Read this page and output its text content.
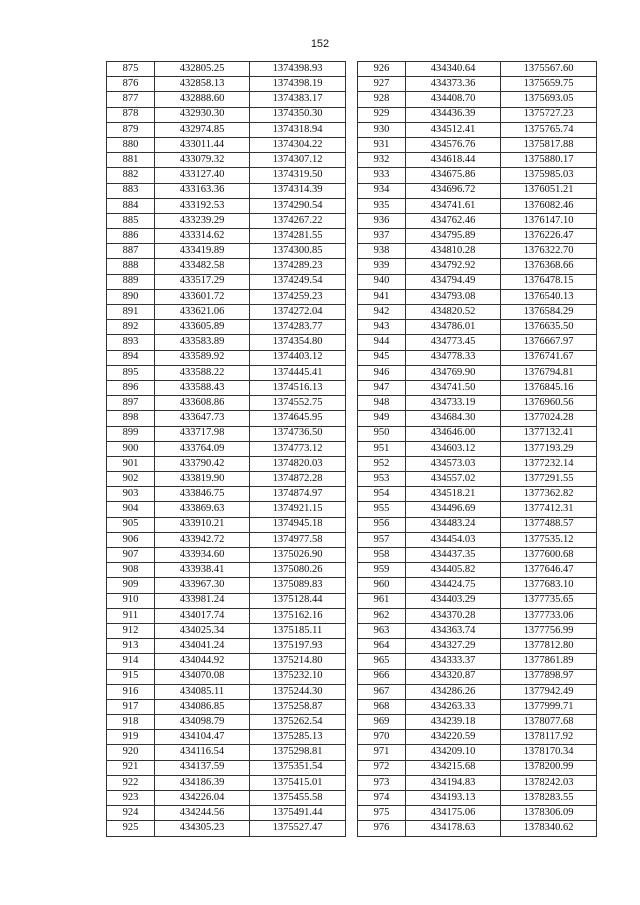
152
875	432805.25	1374398.93
876	432858.13	1374398.19
877	432888.60	1374383.17
878	432930.30	1374350.30
879	432974.85	1374318.94
880	433011.44	1374304.22
881	433079.32	1374307.12
882	433127.40	1374319.50
883	433163.36	1374314.39
884	433192.53	1374290.54
885	433239.29	1374267.22
886	433314.62	1374281.55
887	433419.89	1374300.85
888	433482.58	1374289.23
889	433517.29	1374249.54
890	433601.72	1374259.23
891	433621.06	1374272.04
892	433605.89	1374283.77
893	433583.89	1374354.80
894	433589.92	1374403.12
895	433588.22	1374445.41
896	433588.43	1374516.13
897	433608.86	1374552.75
898	433647.73	1374645.95
899	433717.98	1374736.50
900	433764.09	1374773.12
901	433790.42	1374820.03
902	433819.90	1374872.28
903	433846.75	1374874.97
904	433869.63	1374921.15
905	433910.21	1374945.18
906	433942.72	1374977.58
907	433934.60	1375026.90
908	433938.41	1375080.26
909	433967.30	1375089.83
910	433981.24	1375128.44
911	434017.74	1375162.16
912	434025.34	1375185.11
913	434041.24	1375197.93
914	434044.92	1375214.80
915	434070.08	1375232.10
916	434085.11	1375244.30
917	434086.85	1375258.87
918	434098.79	1375262.54
919	434104.47	1375285.13
920	434116.54	1375298.81
921	434137.59	1375351.54
922	434186.39	1375415.01
923	434226.04	1375455.58
924	434244.56	1375491.44
925	434305.23	1375527.47
926	434340.64	1375567.60
927	434373.36	1375659.75
928	434408.70	1375693.05
929	434436.39	1375727.23
930	434512.41	1375765.74
931	434576.76	1375817.88
932	434618.44	1375880.17
933	434675.86	1375985.03
934	434696.72	1376051.21
935	434741.61	1376082.46
936	434762.46	1376147.10
937	434795.89	1376226.47
938	434810.28	1376322.70
939	434792.92	1376368.66
940	434794.49	1376478.15
941	434793.08	1376540.13
942	434820.52	1376584.29
943	434786.01	1376635.50
944	434773.45	1376667.97
945	434778.33	1376741.67
946	434769.90	1376794.81
947	434741.50	1376845.16
948	434733.19	1376960.56
949	434684.30	1377024.28
950	434646.00	1377132.41
951	434603.12	1377193.29
952	434573.03	1377232.14
953	434557.02	1377291.55
954	434518.21	1377362.82
955	434496.69	1377412.31
956	434483.24	1377488.57
957	434454.03	1377535.12
958	434437.35	1377600.68
959	434405.82	1377646.47
960	434424.75	1377683.10
961	434403.29	1377735.65
962	434370.28	1377733.06
963	434363.74	1377756.99
964	434327.29	1377812.80
965	434333.37	1377861.89
966	434320.87	1377898.97
967	434286.26	1377942.49
968	434263.33	1377999.71
969	434239.18	1378077.68
970	434220.59	1378117.92
971	434209.10	1378170.34
972	434215.68	1378200.99
973	434194.83	1378242.03
974	434193.13	1378283.55
975	434175.06	1378306.09
976	434178.63	1378340.62
